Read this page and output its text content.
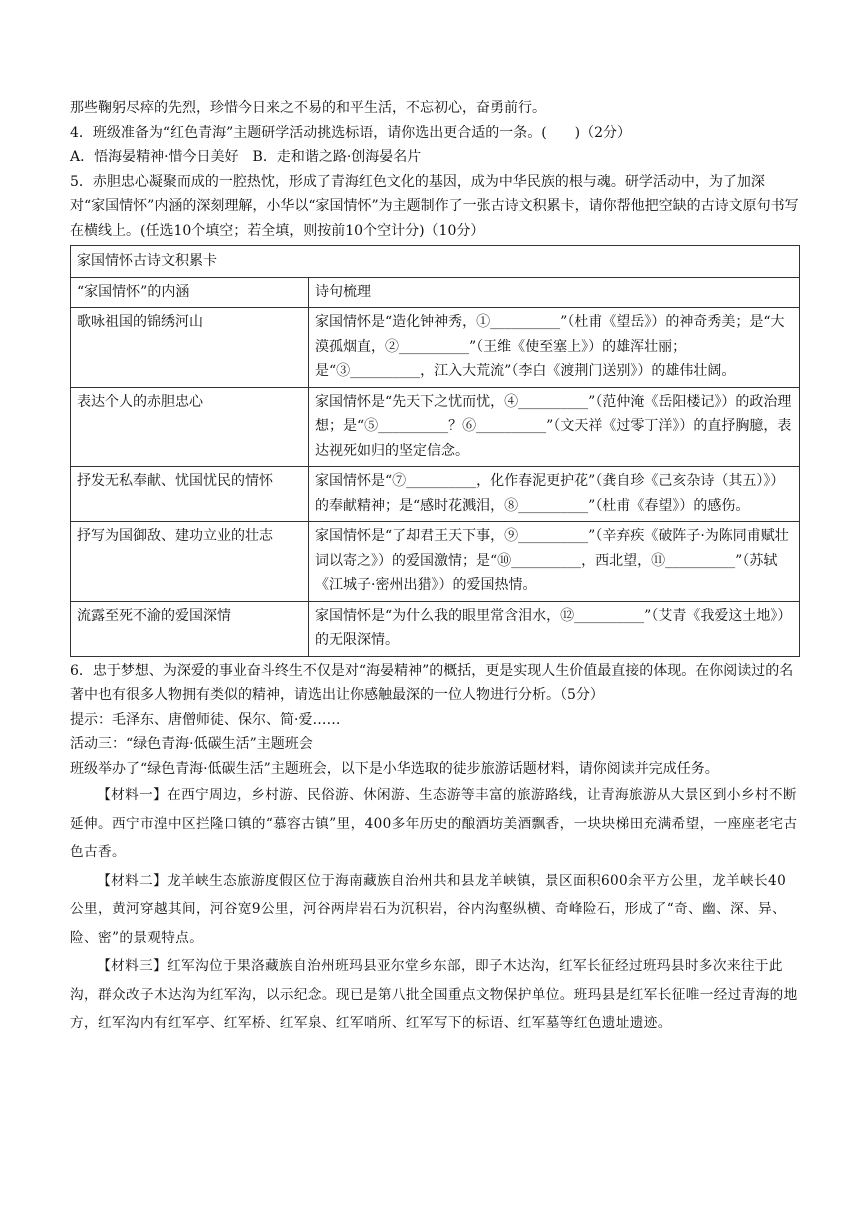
那些鞠躬尽瘁的先烈，珍惜今日来之不易的和平生活，不忘初心，奋勇前行。

4．班级准备为“红色青海”主题研学活动挑选标语，请你选出更合适的一条。(　　)（2分）

A．悟海晏精神·惜今日美好　B．走和谐之路·创海晏名片

5．赤胆忠心凝聚而成的一腔热忱，形成了青海红色文化的基因，成为中华民族的根与魂。研学活动中，为了加深对“家国情怀”内涵的深刻理解，小华以“家国情怀”为主题制作了一张古诗文积累卡，请你帮他把空缺的古诗文原句书写在横线上。(任选10个填空；若全填，则按前10个空计分)（10分）

家国情怀古诗文积累卡	
“家国情怀”的内涵	诗句梳理
歌咏祖国的锦绣河山	家国情怀是“造化钟神秀，①__________”（杜甫《望岳》）的神奇秀美；是“大漠孤烟直，②__________”（王维《使至塞上》）的雄浑壮丽；是“③__________，江入大荒流”（李白《渡荆门送别》）的雄伟壮阔。
表达个人的赤胆忠心	家国情怀是“先天下之忧而忧，④__________”（范仲淹《岳阳楼记》）的政治理想；是“⑤__________？⑥__________”（文天祥《过零丁洋》）的直抒胸臆，表达视死如归的坚定信念。
抒发无私奉献、忧国忧民的情怀	家国情怀是“⑦__________，化作春泥更护花”（龚自珍《己亥杂诗（其五）》）的奉献精神；是“感时花溅泪，⑧__________”（杜甫《春望》）的感伤。
抒写为国御敌、建功立业的壮志	家国情怀是“了却君王天下事，⑨__________”（辛弃疾《破阵子·为陈同甫赋壮词以寄之》）的爱国激情；是“⑩__________，西北望，⑪__________”（苏轼《江城子·密州出猎》）的爱国热情。
流露至死不渝的爱国深情	家国情怀是“为什么我的眼里常含泪水，⑫__________”（艾青《我爱这土地》）的无限深情。

6．忠于梦想、为深爱的事业奋斗终生不仅是对“海晏精神”的概括，更是实现人生价值最直接的体现。在你阅读过的名著中也有很多人物拥有类似的精神，请选出让你感触最深的一位人物进行分析。（5分）

提示：毛泽东、唐僧师徒、保尔、简·爱……

活动三：“绿色青海·低碳生活”主题班会

班级举办了“绿色青海·低碳生活”主题班会，以下是小华选取的徒步旅游话题材料，请你阅读并完成任务。

【材料一】在西宁周边，乡村游、民俗游、休闲游、生态游等丰富的旅游路线，让青海旅游从大景区到小乡村不断延伸。西宁市湟中区拦隆口镇的“慕容古镇”里，400多年历史的酿酒坊美酒飘香，一块块梯田充满希望，一座座老宅古色古香。

【材料二】龙羊峡生态旅游度假区位于海南藏族自治州共和县龙羊峡镇，景区面积600余平方公里，龙羊峡长40公里，黄河穿越其间，河谷宽9公里，河谷两岸岩石为沉积岩，谷内沟壑纵横、奇峰险石，形成了“奇、幽、深、异、险、密”的景观特点。

【材料三】红军沟位于果洛藏族自治州班玛县亚尔堂乡东部，即子木达沟，红军长征经过班玛县时多次来往于此沟，群众改子木达沟为红军沟，以示纪念。现已是第八批全国重点文物保护单位。班玛县是红军长征唯一经过青海的地方，红军沟内有红军亭、红军桥、红军泉、红军哨所、红军写下的标语、红军墓等红色遗址遗迹。
